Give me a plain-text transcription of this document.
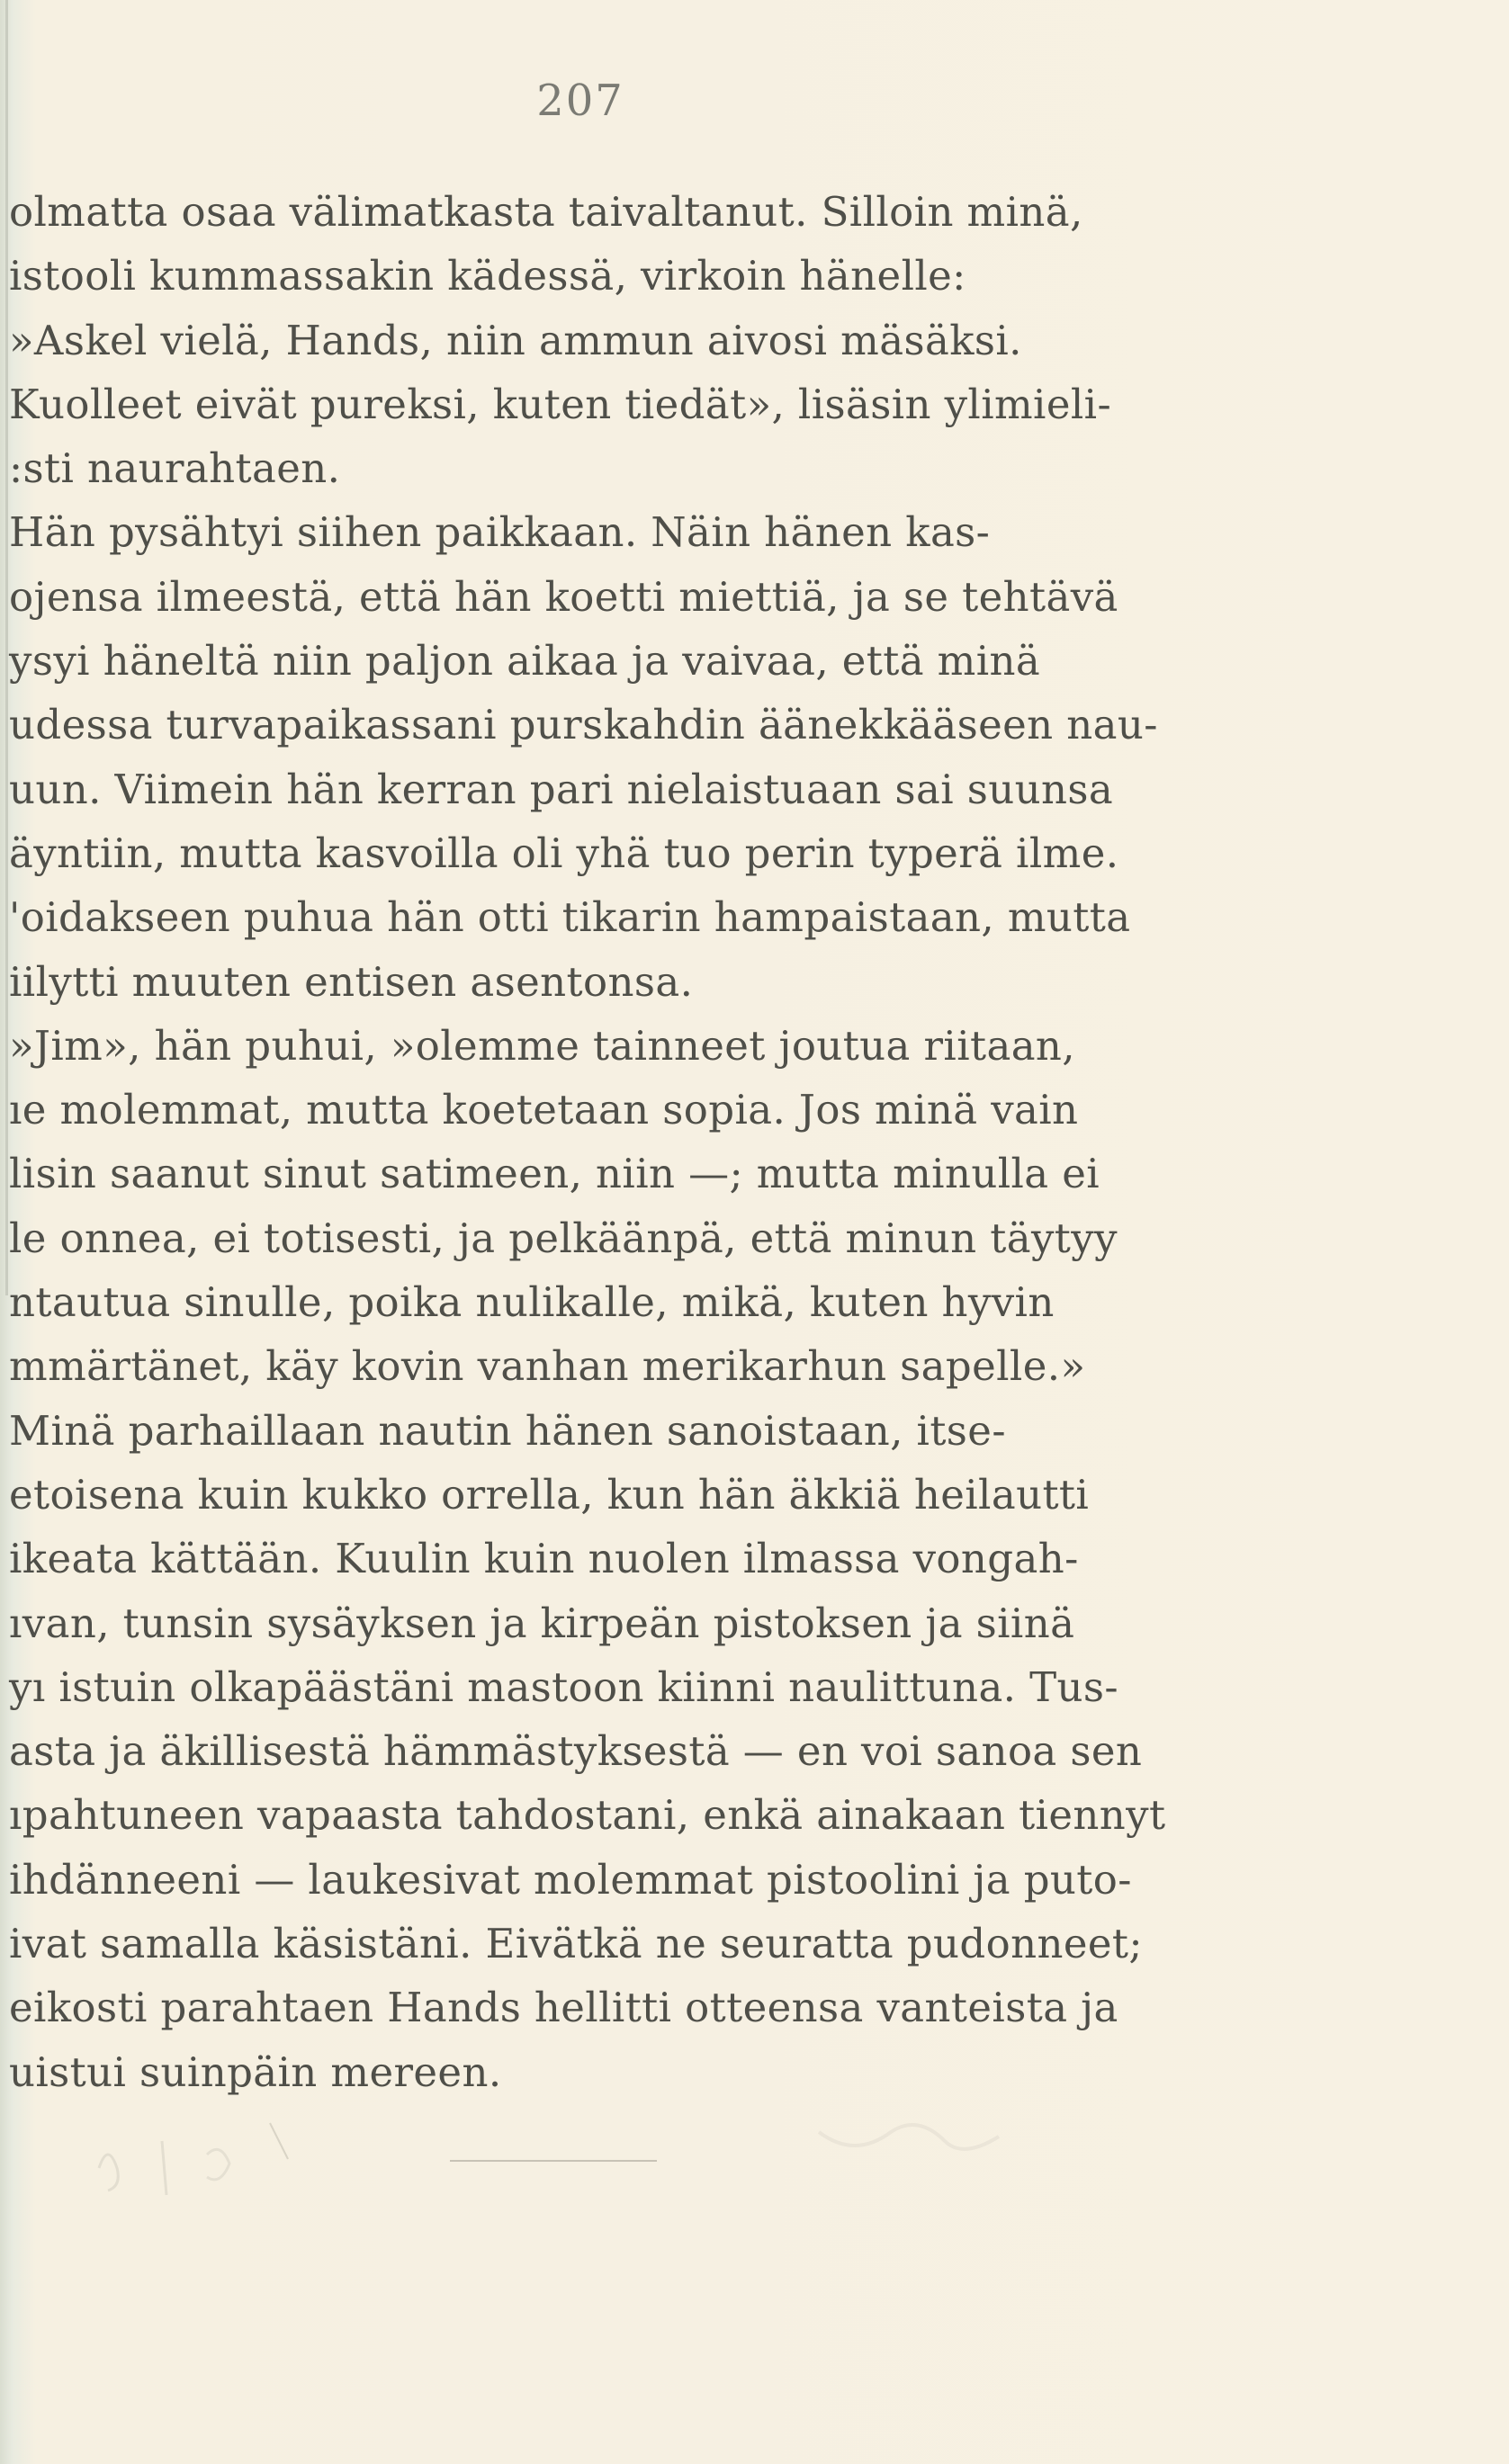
207
olmatta osaa välimatkasta taivaltanut. Silloin minä,
istooli kummassakin kädessä, virkoin hänelle:
»Askel vielä, Hands, niin ammun aivosi mäsäksi.
Kuolleet eivät pureksi, kuten tiedät», lisäsin ylimieli-
:sti naurahtaen.
Hän pysähtyi siihen paikkaan. Näin hänen kas-
ojensa ilmeestä, että hän koetti miettiä, ja se tehtävä
ysyi häneltä niin paljon aikaa ja vaivaa, että minä
udessa turvapaikassani purskahdin äänekkääseen nau-
uun. Viimein hän kerran pari nielaistuaan sai suunsa
äyntiin, mutta kasvoilla oli yhä tuo perin typerä ilme.
'oidakseen puhua hän otti tikarin hampaistaan, mutta
iilytti muuten entisen asentonsa.
»Jim», hän puhui, »olemme tainneet joutua riitaan,
ıe molemmat, mutta koetetaan sopia. Jos minä vain
lisin saanut sinut satimeen, niin —; mutta minulla ei
le onnea, ei totisesti, ja pelkäänpä, että minun täytyy
ntautua sinulle, poika nulikalle, mikä, kuten hyvin
mmärtänet, käy kovin vanhan merikarhun sapelle.»
Minä parhaillaan nautin hänen sanoistaan, itse-
etoisena kuin kukko orrella, kun hän äkkiä heilautti
ikeata kättään. Kuulin kuin nuolen ilmassa vongah-
ıvan, tunsin sysäyksen ja kirpeän pistoksen ja siinä
yı istuin olkapäästäni mastoon kiinni naulittuna. Tus-
asta ja äkillisestä hämmästyksestä — en voi sanoa sen
ıpahtuneen vapaasta tahdostani, enkä ainakaan tiennyt
ihdänneeni — laukesivat molemmat pistoolini ja puto-
ivat samalla käsistäni. Eivätkä ne seuratta pudonneet;
eikosti parahtaen Hands hellitti otteensa vanteista ja
uistui suinpäin mereen.
